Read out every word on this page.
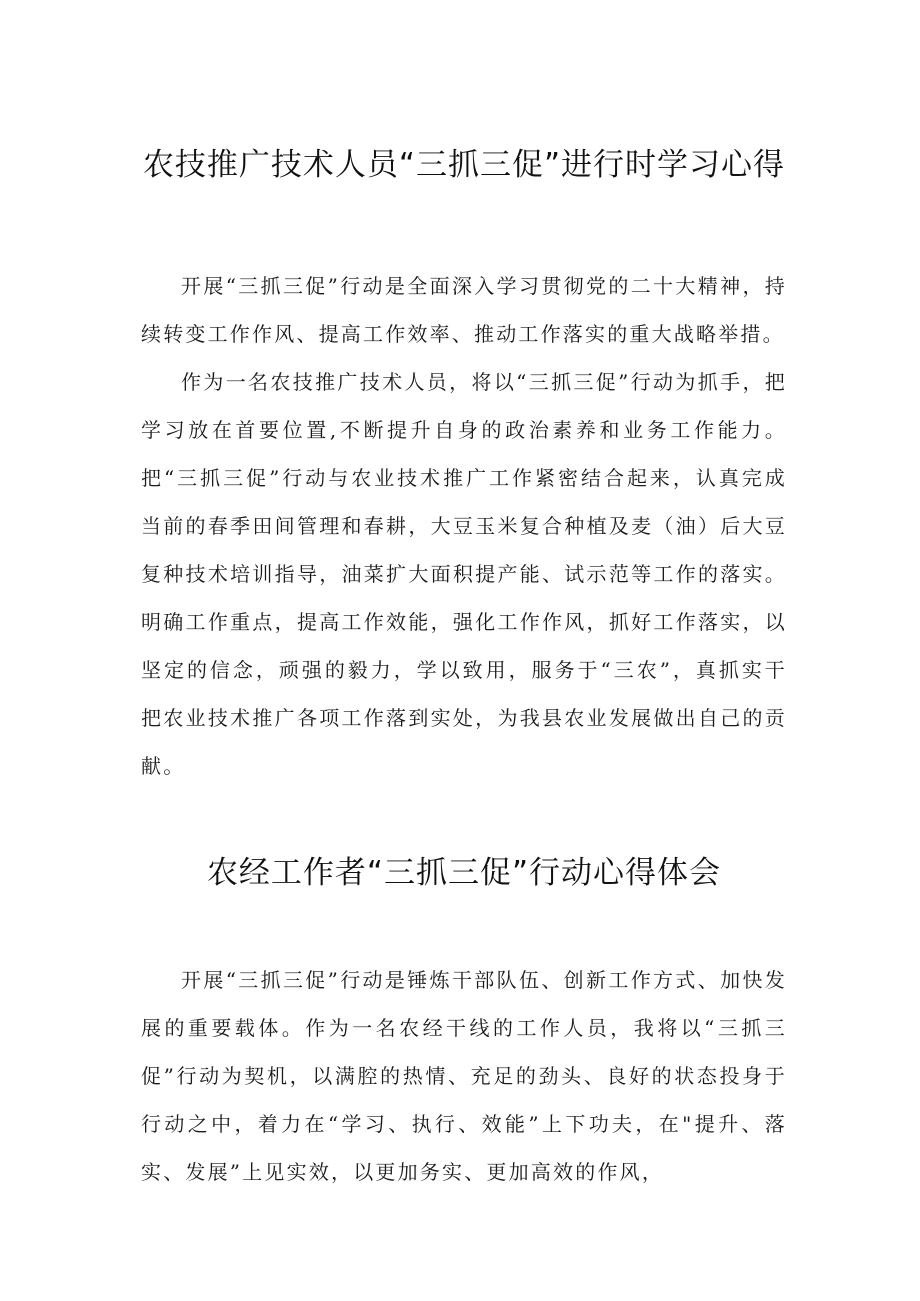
农技推广技术人员“三抓三促”进行时学习心得

开展“三抓三促”行动是全面深入学习贯彻党的二十大精神，持续转变工作作风、提高工作效率、推动工作落实的重大战略举措。

作为一名农技推广技术人员，将以“三抓三促”行动为抓手，把学习放在首要位置,不断提升自身的政治素养和业务工作能力。把“三抓三促”行动与农业技术推广工作紧密结合起来，认真完成当前的春季田间管理和春耕，大豆玉米复合种植及麦（油）后大豆复种技术培训指导，油菜扩大面积提产能、试示范等工作的落实。明确工作重点，提高工作效能，强化工作作风，抓好工作落实，以坚定的信念，顽强的毅力，学以致用，服务于“三农”，真抓实干把农业技术推广各项工作落到实处，为我县农业发展做出自己的贡献。

农经工作者“三抓三促”行动心得体会

开展“三抓三促”行动是锤炼干部队伍、创新工作方式、加快发展的重要载体。作为一名农经干线的工作人员，我将以“三抓三促”行动为契机，以满腔的热情、充足的劲头、良好的状态投身于行动之中，着力在“学习、执行、效能”上下功夫，在"提升、落实、发展”上见实效，以更加务实、更加高效的作风，
